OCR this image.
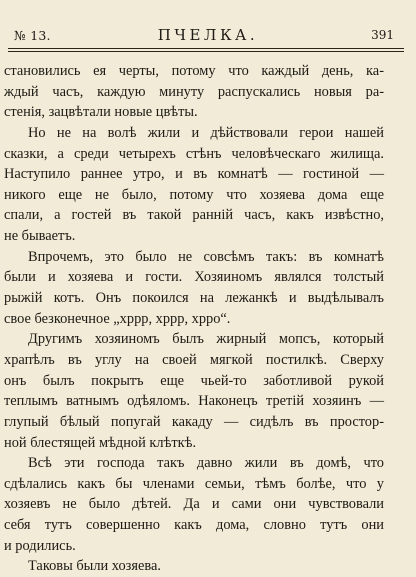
№ 13.	ПЧЕЛКА.	391
становились ея черты, потому что каждый день, ка-
ждый часъ, каждую минуту распускались новыя ра-
стенія, зацвѣтали новые цвѣты.
Но не на волѣ жили и дѣйствовали герои нашей
сказки, а среди четырехъ стѣнъ человѣческаго жилища.
Наступило раннее утро, и въ комнатѣ — гостиной —
никого еще не было, потому что хозяева дома еще
спали, а гостей въ такой ранній часъ, какъ извѣстно,
не бываетъ.
Впрочемъ, это было не совсѣмъ такъ: въ комнатѣ
были и хозяева и гости. Хозяиномъ являлся толстый
рыжій котъ. Онъ покоился на лежанкѣ и выдѣлывалъ
свое безконечное „хррр, хррр, хрро“.
Другимъ хозяиномъ былъ жирный мопсъ, который
храпѣлъ въ углу на своей мягкой постилкѣ. Сверху
онъ былъ покрытъ еще чьей-то заботливой рукой
теплымъ ватнымъ одѣяломъ. Наконецъ третій хозяинъ —
глупый бѣлый попугай какаду — сидѣлъ въ простор-
ной блестящей мѣдной клѣткѣ.
Всѣ эти господа такъ давно жили въ домѣ, что
сдѣлались какъ бы членами семьи, тѣмъ болѣе, что у
хозяевъ не было дѣтей. Да и сами они чувствовали
себя тутъ совершенно какъ дома, словно тутъ они
и родились.
Таковы были хозяева.
